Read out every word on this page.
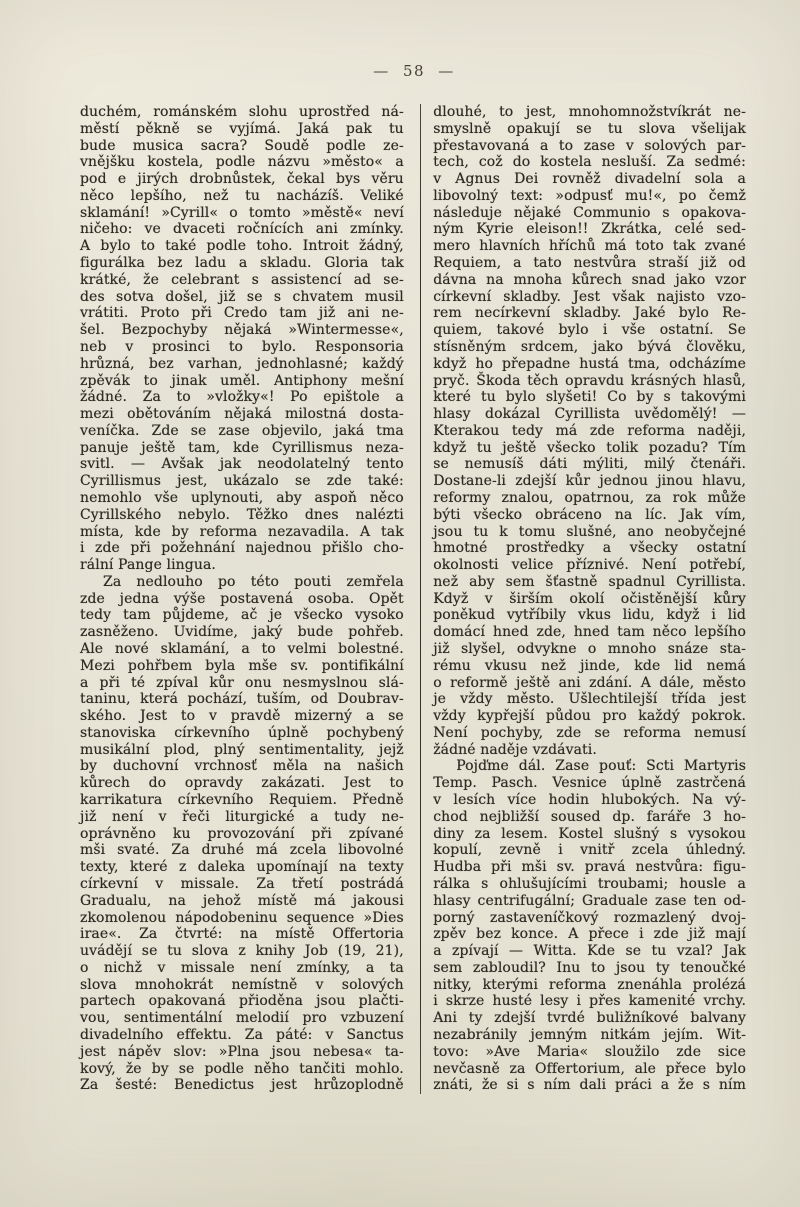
— 58 —
duchém, románském slohu uprostřed ná-
městí pěkně se vyjímá. Jaká pak tu
bude musica sacra? Soudě podle ze-
vnějšku kostela, podle názvu »město« a
pod e jirých drobnůstek, čekal bys věru
něco lepšího, než tu nacházíš. Veliké
sklamání! »Cyrill« o tomto »městě« neví
ničeho: ve dvaceti ročnících ani zmínky.
A bylo to také podle toho. Introit žádný,
figurálka bez ladu a skladu. Gloria tak
krátké, že celebrant s assistencí ad se-
des sotva došel, již se s chvatem musil
vrátiti. Proto při Credo tam již ani ne-
šel. Bezpochyby nějaká »Wintermesse«,
neb v prosinci to bylo. Responsoria
hrůzná, bez varhan, jednohlasné; každý
zpěvák to jinak uměl. Antiphony mešní
žádné. Za to »vložky«! Po epištole a
mezi obětováním nějaká milostná dosta-
veníčka. Zde se zase objevilo, jaká tma
panuje ještě tam, kde Cyrillismus neza-
svitl. — Avšak jak neodolatelný tento
Cyrillismus jest, ukázalo se zde také:
nemohlo vše uplynouti, aby aspoň něco
Cyrillského nebylo. Těžko dnes nalézti
místa, kde by reforma nezavadila. A tak
i zde při požehnání najednou přišlo cho-
rální Pange lingua.
Za nedlouho po této pouti zemřela
zde jedna výše postavená osoba. Opět
tedy tam půjdeme, ač je všecko vysoko
zasněženo. Uvidíme, jaký bude pohřeb.
Ale nové sklamání, a to velmi bolestné.
Mezi pohřbem byla mše sv. pontifikální
a při té zpíval kůr onu nesmyslnou slá-
taninu, která pochází, tuším, od Doubrav-
ského. Jest to v pravdě mizerný a se
stanoviska církevního úplně pochybený
musikální plod, plný sentimentality, jejž
by duchovní vrchnosť měla na našich
kůrech do opravdy zakázati. Jest to
karrikatura církevního Requiem. Předně
již není v řeči liturgické a tudy ne-
oprávněno ku provozování při zpívané
mši svaté. Za druhé má zcela libovolné
texty, které z daleka upomínají na texty
církevní v missale. Za třetí postrádá
Gradualu, na jehož místě má jakousi
zkomolenou nápodobeninu sequence »Dies
irae«. Za čtvrté: na místě Offertoria
uvádějí se tu slova z knihy Job (19, 21),
o nichž v missale není zmínky, a ta
slova mnohokrát nemístně v solových
partech opakovaná přioděna jsou plačti-
vou, sentimentální melodií pro vzbuzení
divadelního effektu. Za páté: v Sanctus
jest nápěv slov: »Plna jsou nebesa« ta-
kový, že by se podle něho tančiti mohlo.
Za šesté: Benedictus jest hrůzoplodně
dlouhé, to jest, mnohomnožstvíkrát ne-
smyslně opakují se tu slova všelijak
přestavovaná a to zase v solových par-
tech, což do kostela nesluší. Za sedmé:
v Agnus Dei rovněž divadelní sola a
libovolný text: »odpusť mu!«, po čemž
následuje nějaké Communio s opakova-
ným Kyrie eleison!! Zkrátka, celé sed-
mero hlavních hříchů má toto tak zvané
Requiem, a tato nestvůra straší již od
dávna na mnoha kůrech snad jako vzor
církevní skladby. Jest však najisto vzo-
rem necírkevní skladby. Jaké bylo Re-
quiem, takové bylo i vše ostatní. Se
stísněným srdcem, jako bývá člověku,
když ho přepadne hustá tma, odcházíme
pryč. Škoda těch opravdu krásných hlasů,
které tu bylo slyšeti! Co by s takovými
hlasy dokázal Cyrillista uvědomělý! —
Kterakou tedy má zde reforma naději,
když tu ještě všecko tolik pozadu? Tím
se nemusíš dáti mýliti, milý čtenáři.
Dostane-li zdejší kůr jednou jinou hlavu,
reformy znalou, opatrnou, za rok může
býti všecko obráceno na líc. Jak vím,
jsou tu k tomu slušné, ano neobyčejné
hmotné prostředky a všecky ostatní
okolnosti velice příznivé. Není potřebí,
než aby sem šťastně spadnul Cyrillista.
Když v širším okolí očistěnější kůry
poněkud vytříbily vkus lidu, když i lid
domácí hned zde, hned tam něco lepšího
již slyšel, odvykne o mnoho snáze sta-
rému vkusu než jinde, kde lid nemá
o reformě ještě ani zdání. A dále, město
je vždy město. Ušlechtilejší třída jest
vždy kypřejší půdou pro každý pokrok.
Není pochyby, zde se reforma nemusí
žádné naděje vzdávati.
Pojďme dál. Zase pouť: Scti Martyris
Temp. Pasch. Vesnice úplně zastrčená
v lesích více hodin hlubokých. Na vý-
chod nejbližší soused dp. faráře 3 ho-
diny za lesem. Kostel slušný s vysokou
kopulí, zevně i vnitř zcela úhledný.
Hudba při mši sv. pravá nestvůra: figu-
rálka s ohlušujícími troubami; housle a
hlasy centrifugální; Graduale zase ten od-
porný zastaveníčkový rozmazlený dvoj-
zpěv bez konce. A přece i zde již mají
a zpívají — Witta. Kde se tu vzal? Jak
sem zabloudil? Inu to jsou ty tenoučké
nitky, kterými reforma znenáhla prolézá
i skrze husté lesy i přes kamenité vrchy.
Ani ty zdejší tvrdé buližníkové balvany
nezabránily jemným nitkám jejím. Wit-
tovo: »Ave Maria« sloužilo zde sice
nevčasně za Offertorium, ale přece bylo
znáti, že si s ním dali práci a že s ním
